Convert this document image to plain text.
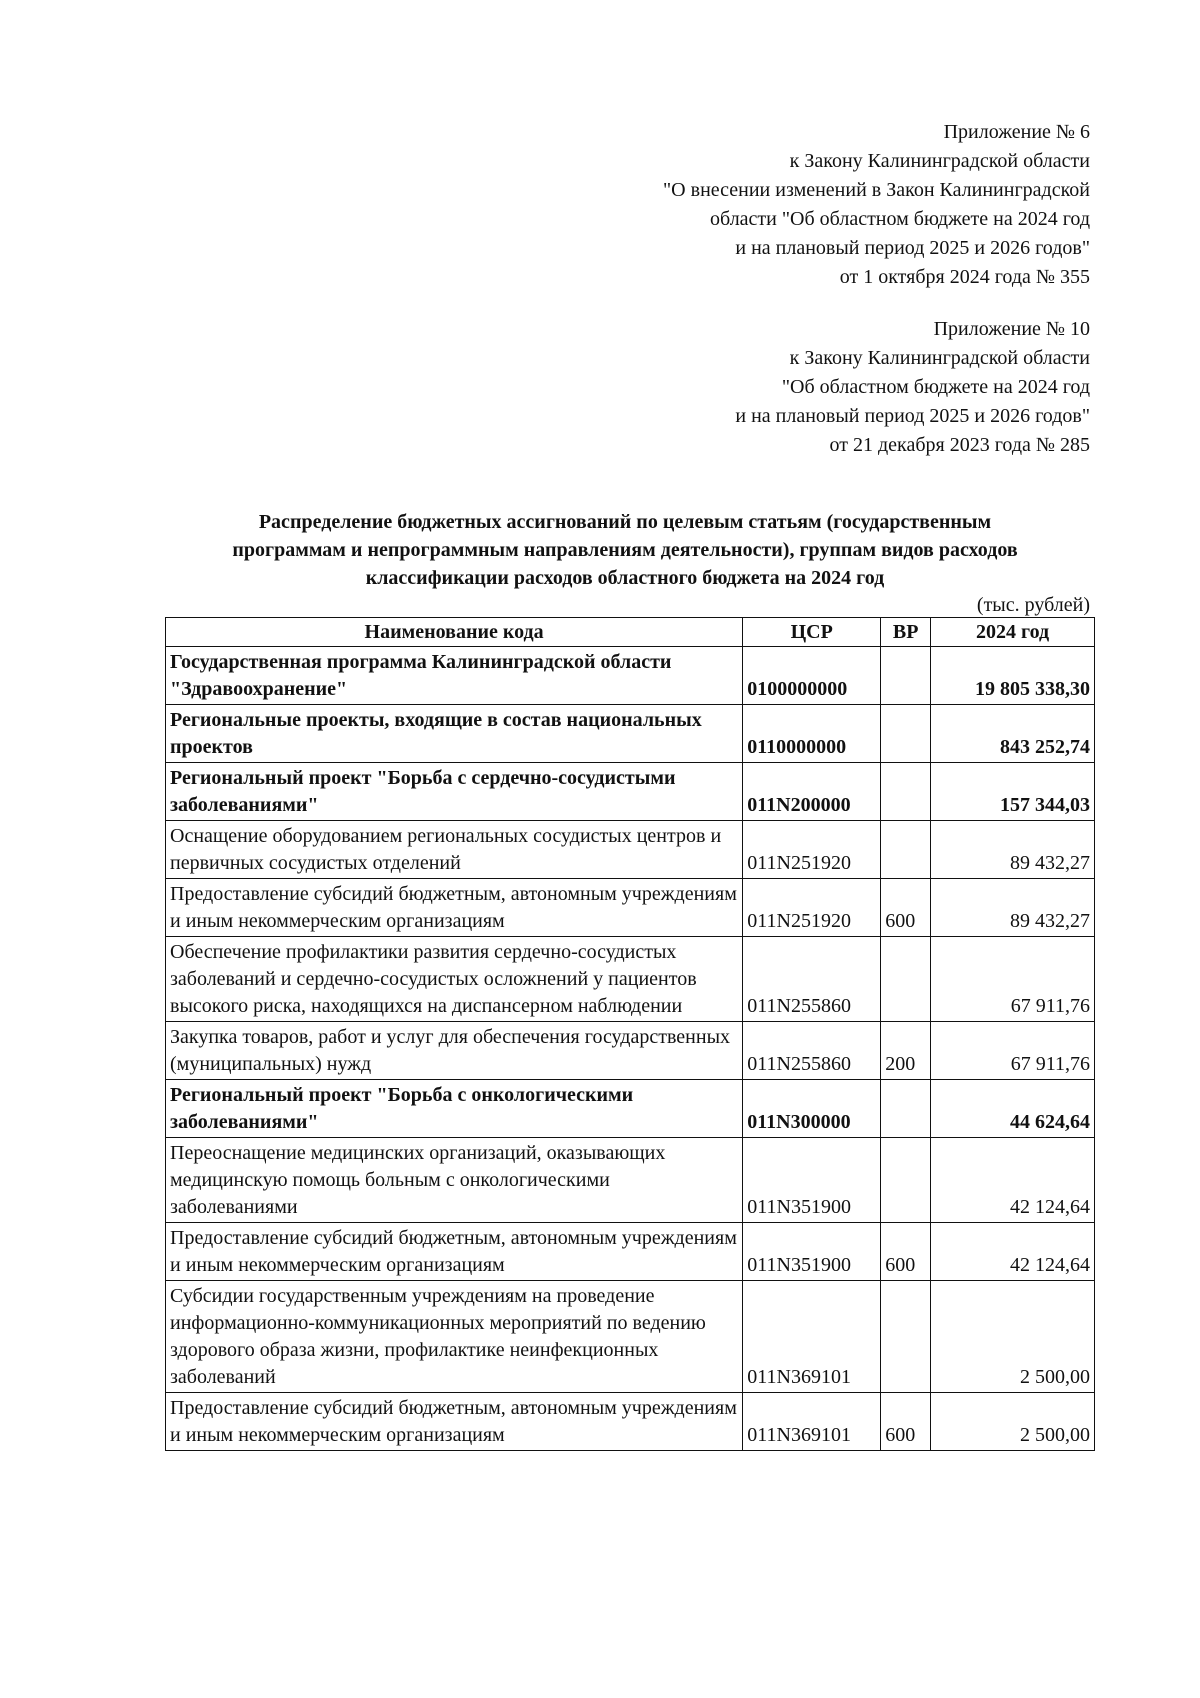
Приложение № 6
к Закону Калининградской области
"О внесении изменений в Закон Калининградской
области "Об областном бюджете на 2024 год
и на плановый период 2025 и 2026 годов"
от 1 октября 2024 года № 355
Приложение № 10
к Закону Калининградской области
"Об областном бюджете на 2024 год
и на плановый период 2025 и 2026 годов"
от 21 декабря 2023 года № 285
Распределение бюджетных ассигнований по целевым статьям (государственным
программам и непрограммным направлениям деятельности), группам видов расходов
классификации расходов областного бюджета на 2024 год
(тыс. рублей)
Наименование кода	ЦСР	ВР	2024 год
Государственная программа Калининградской области "Здравоохранение"	0100000000		19 805 338,30
Региональные проекты, входящие в состав национальных проектов	0110000000		843 252,74
Региональный проект "Борьба с сердечно-сосудистыми заболеваниями"	011N200000		157 344,03
Оснащение оборудованием региональных сосудистых центров и первичных сосудистых отделений	011N251920		89 432,27
Предоставление субсидий бюджетным, автономным учреждениям и иным некоммерческим организациям	011N251920	600	89 432,27
Обеспечение профилактики развития сердечно-сосудистых заболеваний и сердечно-сосудистых осложнений у пациентов высокого риска, находящихся на диспансерном наблюдении	011N255860		67 911,76
Закупка товаров, работ и услуг для обеспечения государственных (муниципальных) нужд	011N255860	200	67 911,76
Региональный проект "Борьба с онкологическими заболеваниями"	011N300000		44 624,64
Переоснащение медицинских организаций, оказывающих медицинскую помощь больным с онкологическими заболеваниями	011N351900		42 124,64
Предоставление субсидий бюджетным, автономным учреждениям и иным некоммерческим организациям	011N351900	600	42 124,64
Субсидии государственным учреждениям на проведение информационно-коммуникационных мероприятий по ведению здорового образа жизни, профилактике неинфекционных заболеваний	011N369101		2 500,00
Предоставление субсидий бюджетным, автономным учреждениям и иным некоммерческим организациям	011N369101	600	2 500,00
